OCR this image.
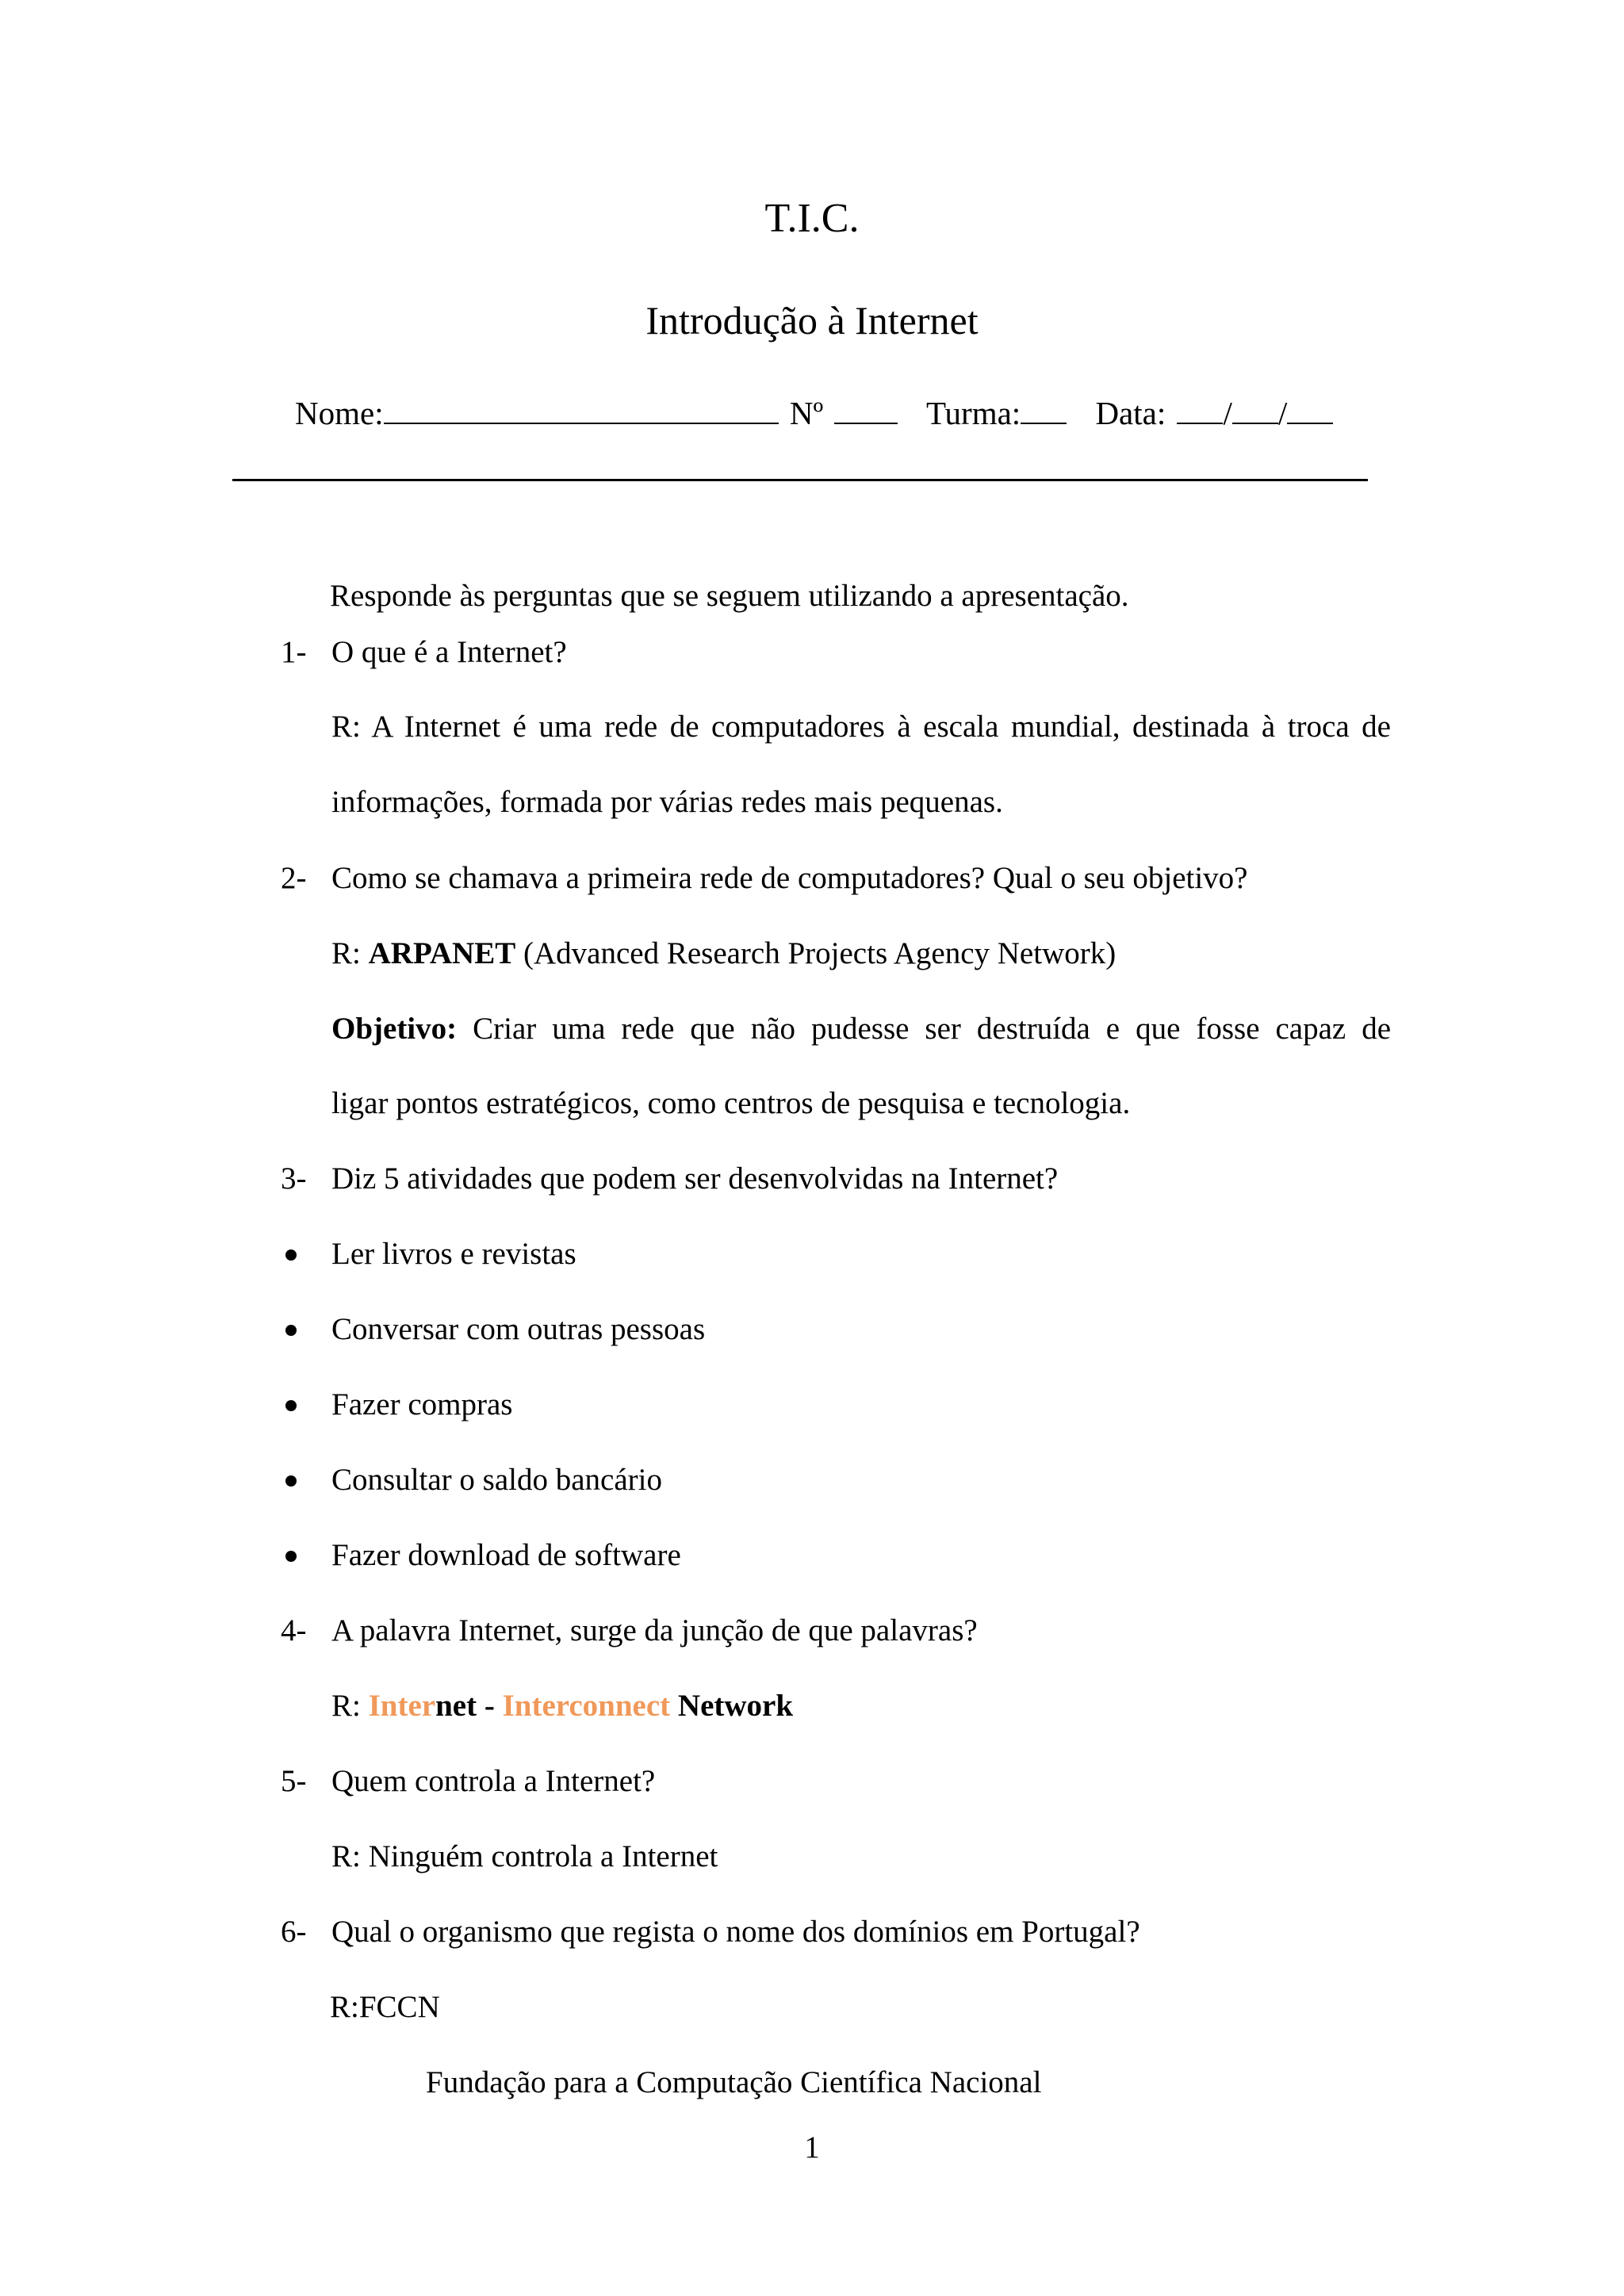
T.I.C.
Introdução à Internet
Nome:	Nº	Turma: Data: / /
Responde às perguntas que se seguem utilizando a apresentação.
1- O que é a Internet?
R: A Internet é uma rede de computadores à escala mundial, destinada à troca de
informações, formada por várias redes mais pequenas.
2- Como se chamava a primeira rede de computadores? Qual o seu objetivo?
R: ARPANET (Advanced Research Projects Agency Network)
Objetivo: Criar uma rede que não pudesse ser destruída e que fosse capaz de
ligar pontos estratégicos, como centros de pesquisa e tecnologia.
3- Diz 5 atividades que podem ser desenvolvidas na Internet?
Ler livros e revistas
Conversar com outras pessoas
Fazer compras
Consultar o saldo bancário
Fazer download de software
4- A palavra Internet, surge da junção de que palavras?
R: Internet - Interconnect Network
5- Quem controla a Internet?
R: Ninguém controla a Internet
6- Qual o organismo que regista o nome dos domínios em Portugal?
R:FCCN
Fundação para a Computação Científica Nacional
1
